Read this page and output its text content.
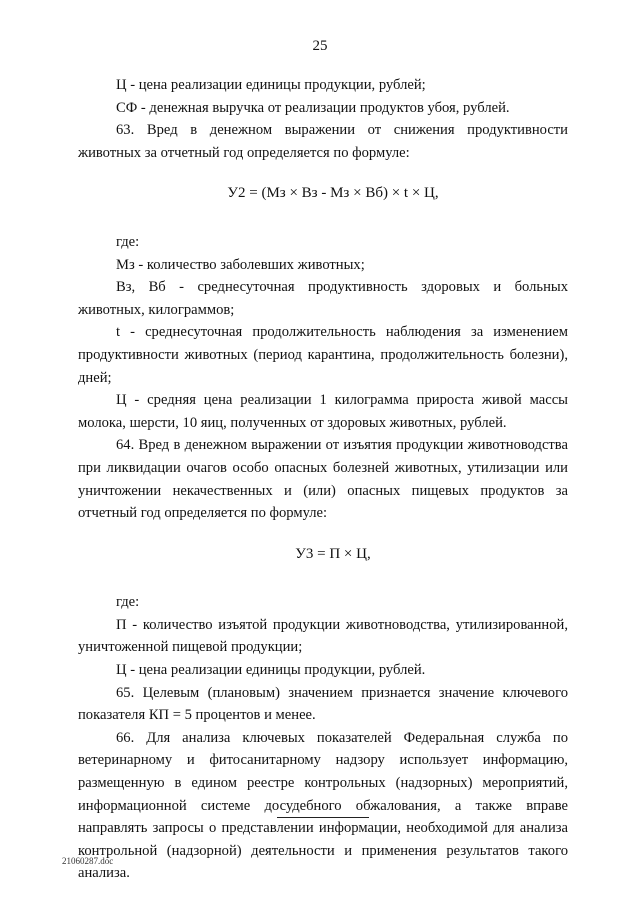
25

Ц - цена реализации единицы продукции, рублей;

СФ - денежная выручка от реализации продуктов убоя, рублей.

63. Вред в денежном выражении от снижения продуктивности животных за отчетный год определяется по формуле:

У2 = (Мз × Вз - Мз × Вб) × t × Ц,

где:

Мз - количество заболевших животных;

Вз, Вб - среднесуточная продуктивность здоровых и больных животных, килограммов;

t - среднесуточная продолжительность наблюдения за изменением продуктивности животных (период карантина, продолжительность болезни), дней;

Ц - средняя цена реализации 1 килограмма прироста живой массы молока, шерсти, 10 яиц, полученных от здоровых животных, рублей.

64. Вред в денежном выражении от изъятия продукции животноводства при ликвидации очагов особо опасных болезней животных, утилизации или уничтожении некачественных и (или) опасных пищевых продуктов за отчетный год определяется по формуле:

У3 = П × Ц,

где:

П - количество изъятой продукции животноводства, утилизированной, уничтоженной пищевой продукции;

Ц - цена реализации единицы продукции, рублей.

65. Целевым (плановым) значением признается значение ключевого показателя КП = 5 процентов и менее.

66. Для анализа ключевых показателей Федеральная служба по ветеринарному и фитосанитарному надзору использует информацию, размещенную в едином реестре контрольных (надзорных) мероприятий, информационной системе досудебного обжалования, а также вправе направлять запросы о представлении информации, необходимой для анализа контрольной (надзорной) деятельности и применения результатов такого анализа.

21060287.doc
